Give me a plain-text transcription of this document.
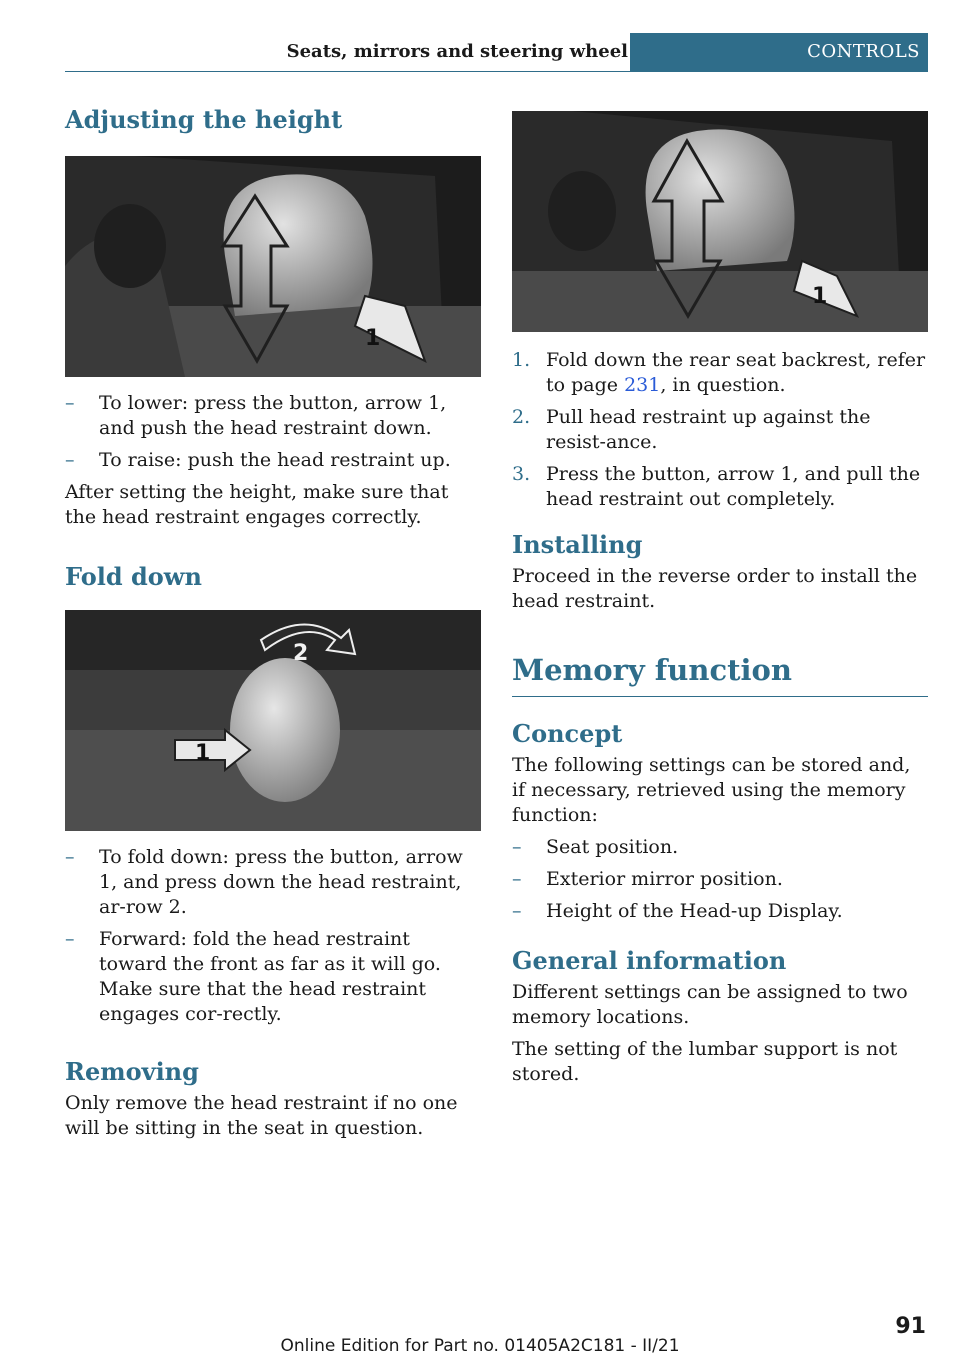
Seats, mirrors and steering wheel	CONTROLS
Adjusting the height
1
– To lower: press the button, arrow 1, and push the head restraint down.
– To raise: push the head restraint up.

After setting the height, make sure that the head restraint engages correctly.

Fold down
2
1
– To fold down: press the button, arrow 1, and press down the head restraint, ar-row 2.
– Forward: fold the head restraint toward the front as far as it will go. Make sure that the head restraint engages cor-rectly.
Removing

Only remove the head restraint if no one will be sitting in the seat in question.

1
1. Fold down the rear seat backrest, refer to page 231, in question.
2. Pull head restraint up against the resist-ance.
3. Press the button, arrow 1, and pull the head restraint out completely.
Installing

Proceed in the reverse order to install the head restraint.

Memory function
Concept

The following settings can be stored and, if necessary, retrieved using the memory function:

– Seat position.
– Exterior mirror position.
– Height of the Head-up Display.
General information

Different settings can be assigned to two memory locations.

The setting of the lumbar support is not stored.

91
Online Edition for Part no. 01405A2C181 - II/21
